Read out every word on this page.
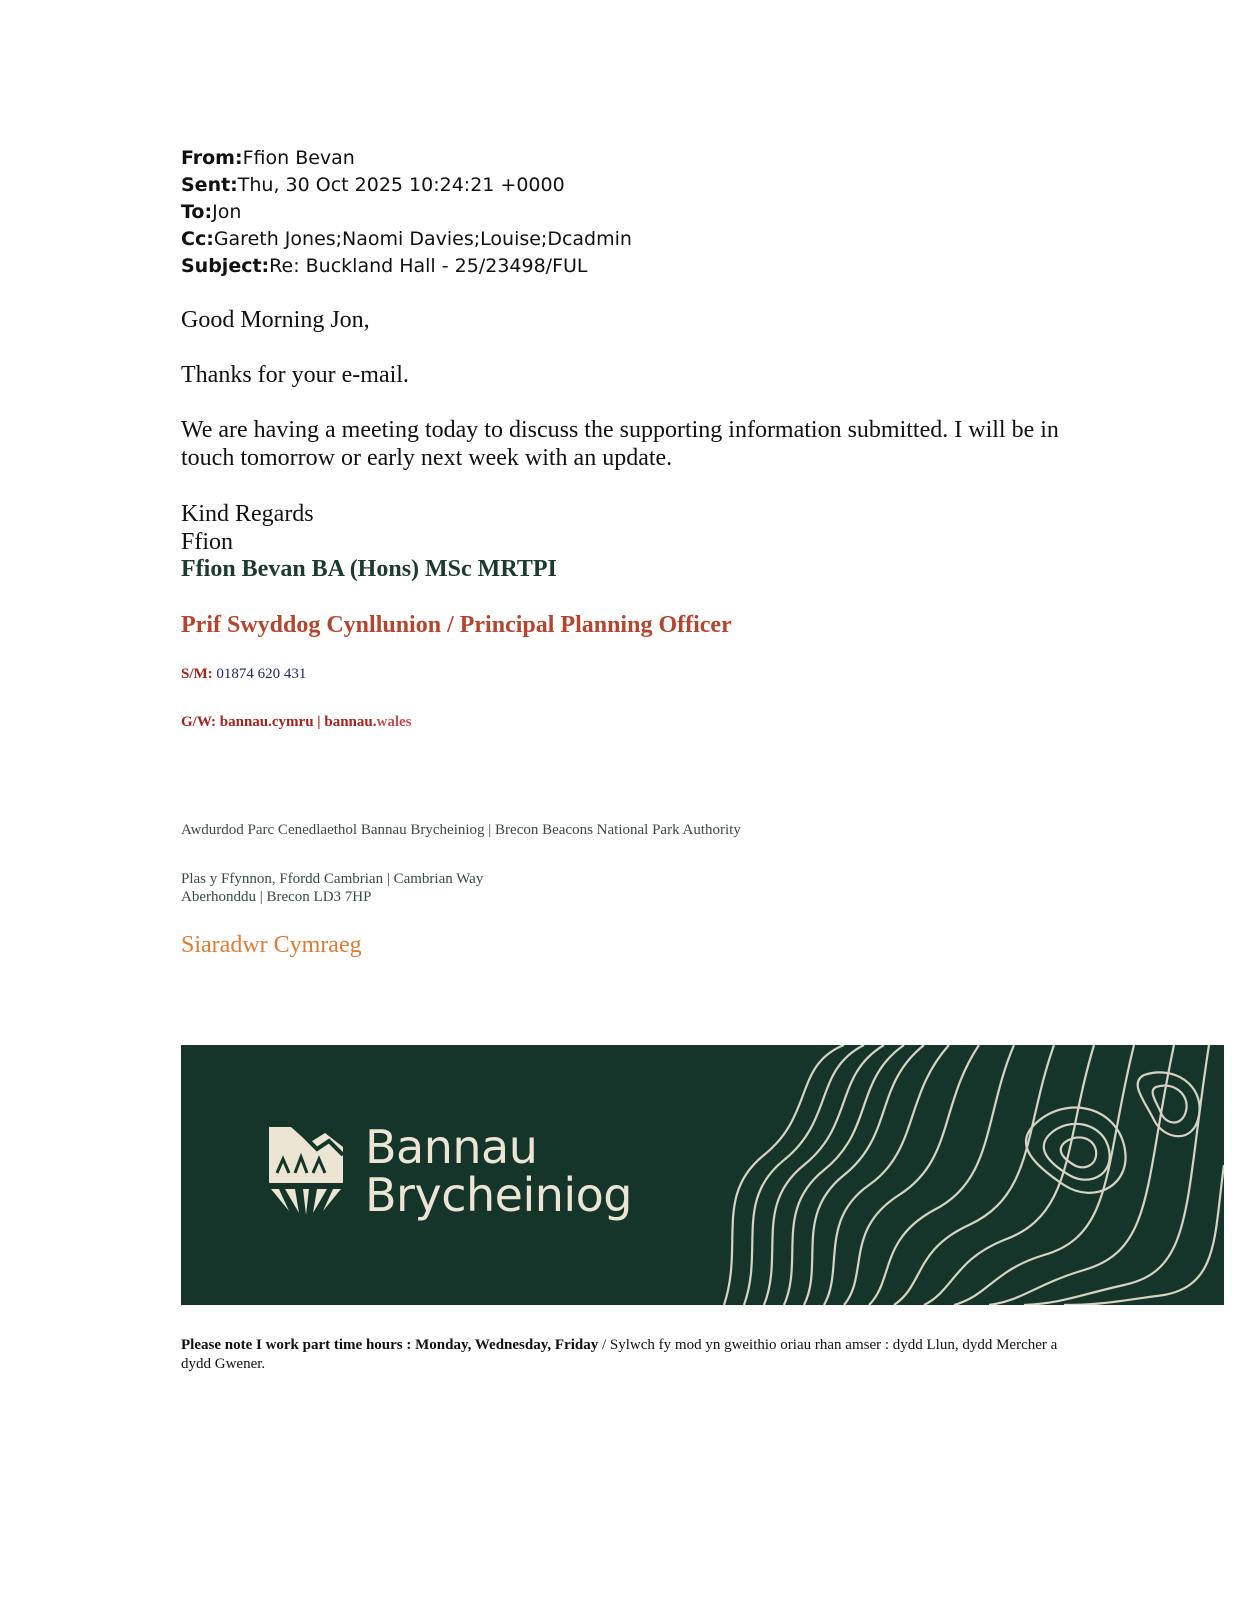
From:Ffion Bevan
Sent:Thu, 30 Oct 2025 10:24:21 +0000
To:Jon
Cc:Gareth Jones;Naomi Davies;Louise;Dcadmin
Subject:Re: Buckland Hall - 25/23498/FUL
Good Morning Jon,
Thanks for your e-mail.
We are having a meeting today to discuss the supporting information submitted. I will be in touch tomorrow or early next week with an update.
Kind Regards
Ffion
Ffion Bevan BA (Hons) MSc MRTPI
Prif Swyddog Cynllunion / Principal Planning Officer
S/M: 01874 620 431
G/W: bannau.cymru | bannau.wales
Awdurdod Parc Cenedlaethol Bannau Brycheiniog | Brecon Beacons National Park Authority
Plas y Ffynnon, Ffordd Cambrian | Cambrian Way
Aberhonddu | Brecon LD3 7HP
Siaradwr Cymraeg
Bannau
Brycheiniog
Please note I work part time hours : Monday, Wednesday, Friday / Sylwch fy mod yn gweithio oriau rhan amser : dydd Llun, dydd Mercher a dydd Gwener.
